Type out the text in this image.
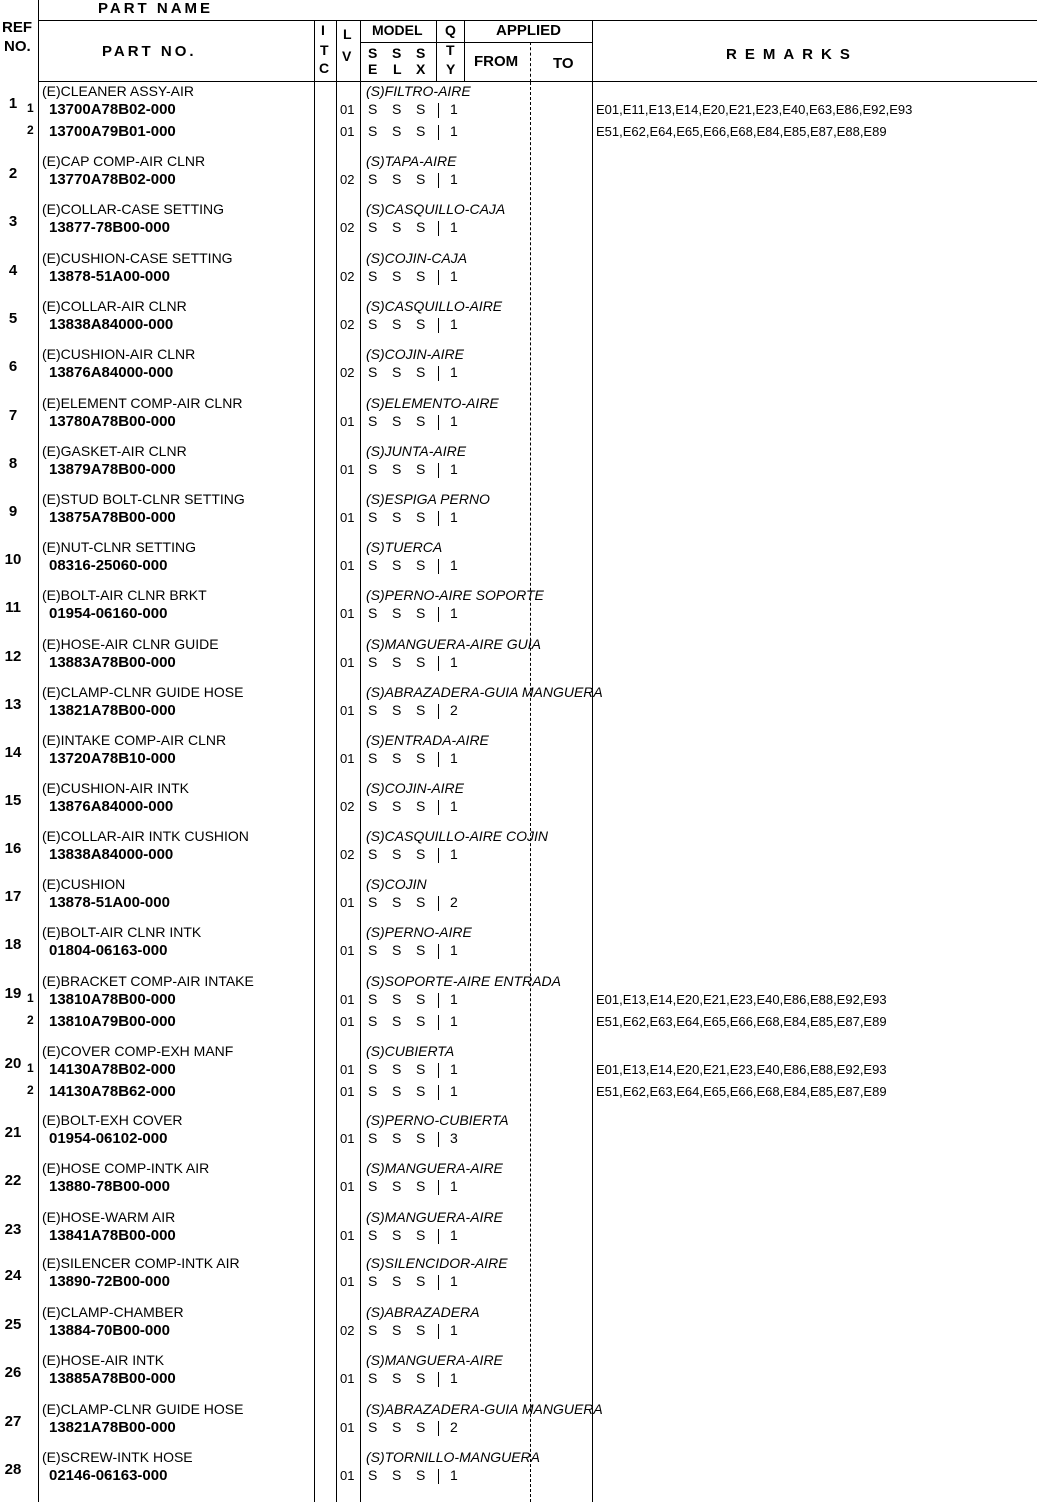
PART NAME
REF
NO.	PART NO.
I
T
C
L
V
MODEL
S
E
S
L
S
X
Q
T
Y
APPLIED
FROM TO
REMARKS
1
(E)CLEANER ASSY-AIR	(S)FILTRO-AIRE
1 13700A78B02-000	01 S S S 1	E01,E11,E13,E14,E20,E21,E23,E40,E63,E86,E92,E93
2 13700A79B01-000	01 S S S 1	E51,E62,E64,E65,E66,E68,E84,E85,E87,E88,E89
2
(E)CAP COMP-AIR CLNR	(S)TAPA-AIRE
13770A78B02-000	02 S S S 1
3
(E)COLLAR-CASE SETTING	(S)CASQUILLO-CAJA
13877-78B00-000	02 S S S 1
4
(E)CUSHION-CASE SETTING	(S)COJIN-CAJA
13878-51A00-000	02 S S S 1
5
(E)COLLAR-AIR CLNR	(S)CASQUILLO-AIRE
13838A84000-000	02 S S S 1
6
(E)CUSHION-AIR CLNR	(S)COJIN-AIRE
13876A84000-000	02 S S S 1
7
(E)ELEMENT COMP-AIR CLNR	(S)ELEMENTO-AIRE
13780A78B00-000	01 S S S 1
8
(E)GASKET-AIR CLNR	(S)JUNTA-AIRE
13879A78B00-000	01 S S S 1
9
(E)STUD BOLT-CLNR SETTING	(S)ESPIGA PERNO
13875A78B00-000	01 S S S 1
10
(E)NUT-CLNR SETTING	(S)TUERCA
08316-25060-000	01 S S S 1
11
(E)BOLT-AIR CLNR BRKT	(S)PERNO-AIRE SOPORTE
01954-06160-000	01 S S S 1
12
(E)HOSE-AIR CLNR GUIDE	(S)MANGUERA-AIRE GUIA
13883A78B00-000	01 S S S 1
13
(E)CLAMP-CLNR GUIDE HOSE	(S)ABRAZADERA-GUIA MANGUERA
13821A78B00-000	01 S S S 2
14
(E)INTAKE COMP-AIR CLNR	(S)ENTRADA-AIRE
13720A78B10-000	01 S S S 1
15
(E)CUSHION-AIR INTK	(S)COJIN-AIRE
13876A84000-000	02 S S S 1
16
(E)COLLAR-AIR INTK CUSHION	(S)CASQUILLO-AIRE COJIN
13838A84000-000	02 S S S 1
17
(E)CUSHION	(S)COJIN
13878-51A00-000	01 S S S 2
18
(E)BOLT-AIR CLNR INTK	(S)PERNO-AIRE
01804-06163-000	01 S S S 1
19
(E)BRACKET COMP-AIR INTAKE	(S)SOPORTE-AIRE ENTRADA
1 13810A78B00-000	01 S S S 1	E01,E13,E14,E20,E21,E23,E40,E86,E88,E92,E93
2 13810A79B00-000	01 S S S 1	E51,E62,E63,E64,E65,E66,E68,E84,E85,E87,E89
20
(E)COVER COMP-EXH MANF	(S)CUBIERTA
1 14130A78B02-000	01 S S S 1	E01,E13,E14,E20,E21,E23,E40,E86,E88,E92,E93
2 14130A78B62-000	01 S S S 1	E51,E62,E63,E64,E65,E66,E68,E84,E85,E87,E89
21
(E)BOLT-EXH COVER	(S)PERNO-CUBIERTA
01954-06102-000	01 S S S 3
22
(E)HOSE COMP-INTK AIR	(S)MANGUERA-AIRE
13880-78B00-000	01 S S S 1
23
(E)HOSE-WARM AIR	(S)MANGUERA-AIRE
13841A78B00-000	01 S S S 1
24
(E)SILENCER COMP-INTK AIR	(S)SILENCIDOR-AIRE
13890-72B00-000	01 S S S 1
25
(E)CLAMP-CHAMBER	(S)ABRAZADERA
13884-70B00-000	02 S S S 1
26
(E)HOSE-AIR INTK	(S)MANGUERA-AIRE
13885A78B00-000	01 S S S 1
27
(E)CLAMP-CLNR GUIDE HOSE	(S)ABRAZADERA-GUIA MANGUERA
13821A78B00-000	01 S S S 2
28
(E)SCREW-INTK HOSE	(S)TORNILLO-MANGUERA
02146-06163-000	01 S S S 1
